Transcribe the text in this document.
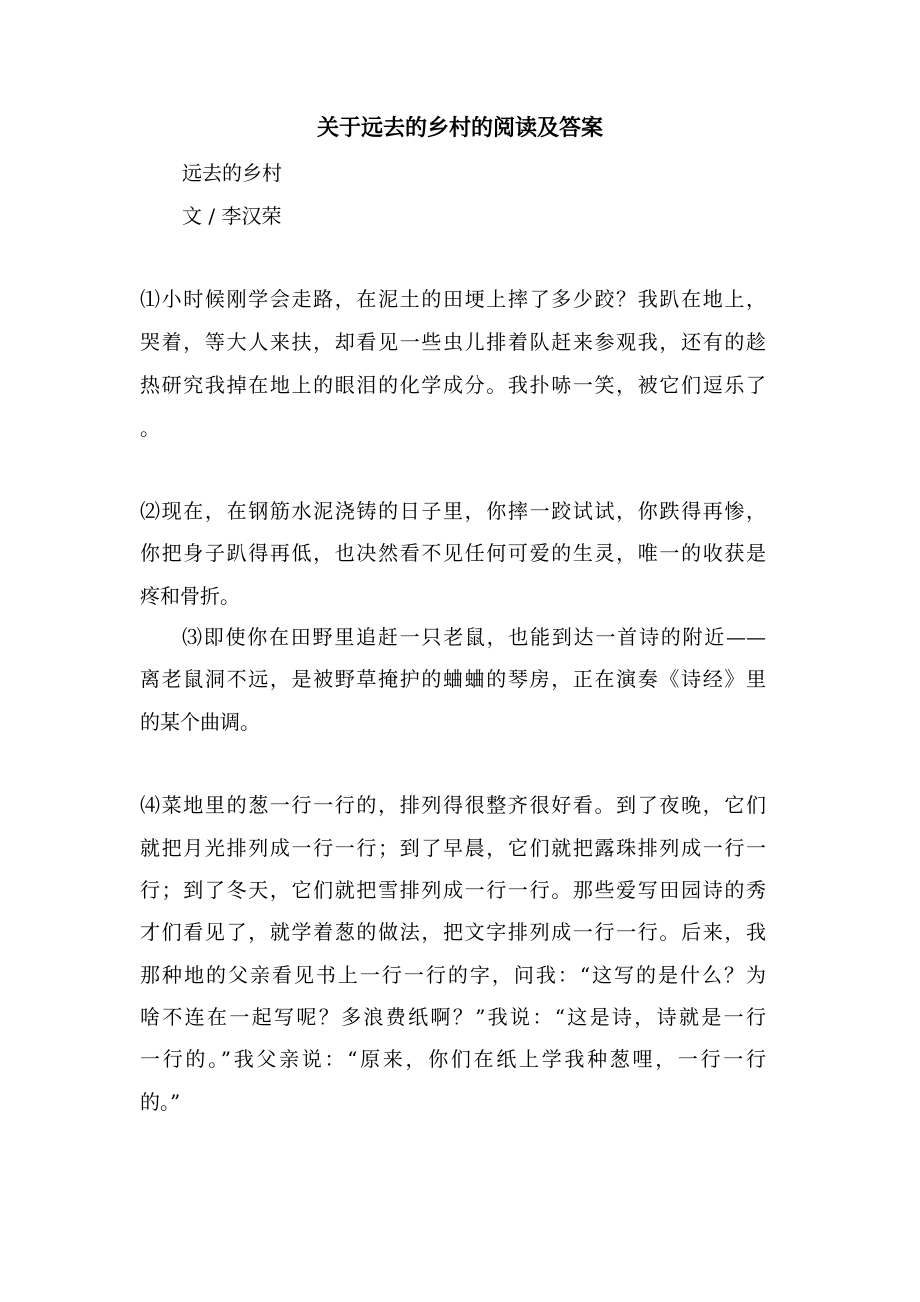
关于远去的乡村的阅读及答案

远去的乡村

文 / 李汉荣

⑴小时候刚学会走路，在泥土的田埂上摔了多少跤？我趴在地上，

哭着，等大人来扶，却看见一些虫儿排着队赶来参观我，还有的趁

热研究我掉在地上的眼泪的化学成分。我扑哧一笑，被它们逗乐了

。

⑵现在，在钢筋水泥浇铸的日子里，你摔一跤试试，你跌得再惨，

你把身子趴得再低，也决然看不见任何可爱的生灵，唯一的收获是

疼和骨折。

⑶即使你在田野里追赶一只老鼠，也能到达一首诗的附近——

离老鼠洞不远，是被野草掩护的蛐蛐的琴房，正在演奏《诗经》里

的某个曲调。

⑷菜地里的葱一行一行的，排列得很整齐很好看。到了夜晚，它们

就把月光排列成一行一行；到了早晨，它们就把露珠排列成一行一

行；到了冬天，它们就把雪排列成一行一行。那些爱写田园诗的秀

才们看见了，就学着葱的做法，把文字排列成一行一行。后来，我

那种地的父亲看见书上一行一行的字，问我：“这写的是什么？为

啥不连在一起写呢？多浪费纸啊？”我说：“这是诗，诗就是一行

一行的。”我父亲说：“原来，你们在纸上学我种葱哩，一行一行

的。”
